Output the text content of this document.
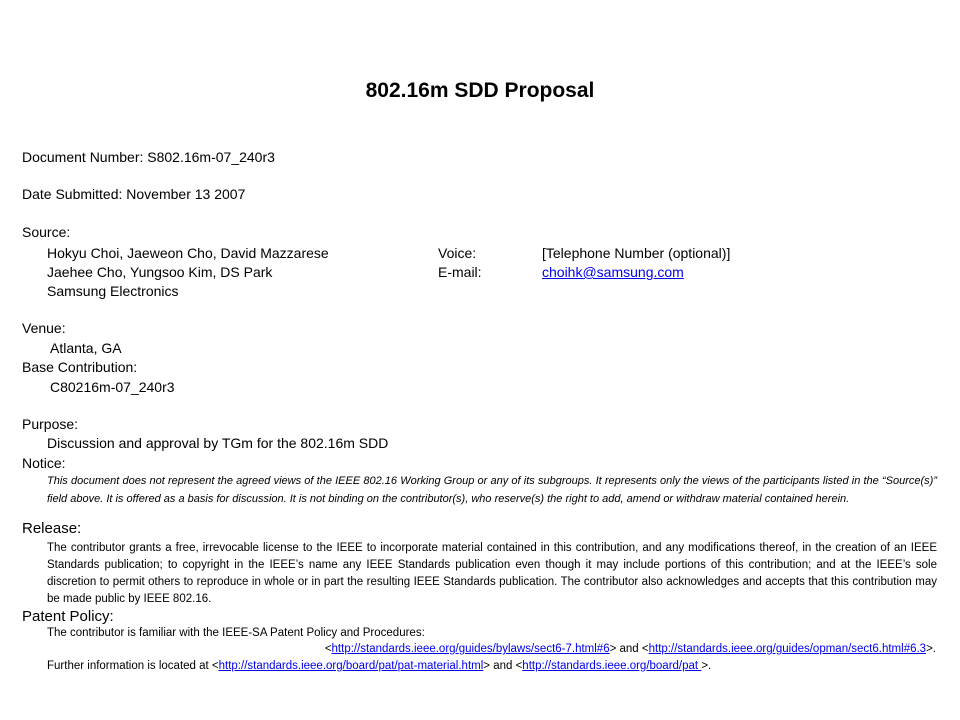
802.16m SDD Proposal
Document Number: S802.16m-07_240r3
Date Submitted: November 13 2007
Source:
Hokyu Choi, Jaeweon Cho, David Mazzarese
Jaehee Cho, Yungsoo Kim, DS Park
Samsung Electronics
Voice:	[Telephone Number (optional)]
E-mail:	choihk@samsung.com
Venue:
Atlanta, GA
Base Contribution:
C80216m-07_240r3
Purpose:
Discussion and approval by TGm for the 802.16m SDD
Notice:
This document does not represent the agreed views of the IEEE 802.16 Working Group or any of its subgroups. It represents only the views of the participants listed in the “Source(s)” field above. It is offered as a basis for discussion. It is not binding on the contributor(s), who reserve(s) the right to add, amend or withdraw material contained herein.
Release:
The contributor grants a free, irrevocable license to the IEEE to incorporate material contained in this contribution, and any modifications thereof, in the creation of an IEEE Standards publication; to copyright in the IEEE’s name any IEEE Standards publication even though it may include portions of this contribution; and at the IEEE’s sole discretion to permit others to reproduce in whole or in part the resulting IEEE Standards publication. The contributor also acknowledges and accepts that this contribution may be made public by IEEE 802.16.
Patent Policy:
The contributor is familiar with the IEEE-SA Patent Policy and Procedures:
<http://standards.ieee.org/guides/bylaws/sect6-7.html#6> and <http://standards.ieee.org/guides/opman/sect6.html#6.3>.
Further information is located at <http://standards.ieee.org/board/pat/pat-material.html> and <http://standards.ieee.org/board/pat >.
